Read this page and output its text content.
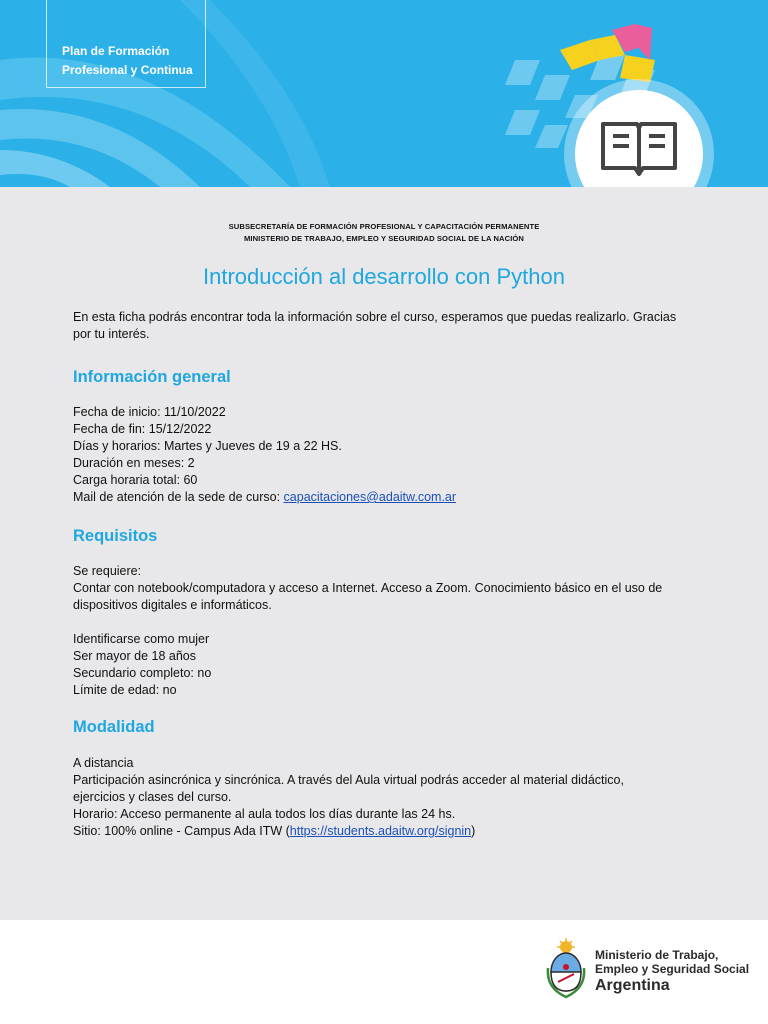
Plan de Formación
Profesional y Continua
SUBSECRETARÍA DE FORMACIÓN PROFESIONAL Y CAPACITACIÓN PERMANENTE
MINISTERIO DE TRABAJO, EMPLEO Y SEGURIDAD SOCIAL DE LA NACIÓN
Introducción al desarrollo con Python
En esta ficha podrás encontrar toda la información sobre el curso, esperamos que puedas realizarlo. Gracias
por tu interés.
Información general
Fecha de inicio: 11/10/2022
Fecha de fin: 15/12/2022
Días y horarios: Martes y Jueves de 19 a 22 HS.
Duración en meses: 2
Carga horaria total: 60
Mail de atención de la sede de curso: capacitaciones@adaitw.com.ar
Requisitos
Se requiere:
Contar con notebook/computadora y acceso a Internet. Acceso a Zoom. Conocimiento básico en el uso de
dispositivos digitales e informáticos.
Identificarse como mujer
Ser mayor de 18 años
Secundario completo: no
Límite de edad: no
Modalidad
A distancia
Participación asincrónica y sincrónica. A través del Aula virtual podrás acceder al material didáctico,
ejercicios y clases del curso.
Horario: Acceso permanente al aula todos los días durante las 24 hs.
Sitio: 100% online - Campus Ada ITW (https://students.adaitw.org/signin)
Ministerio de Trabajo,
Empleo y Seguridad Social
Argentina
